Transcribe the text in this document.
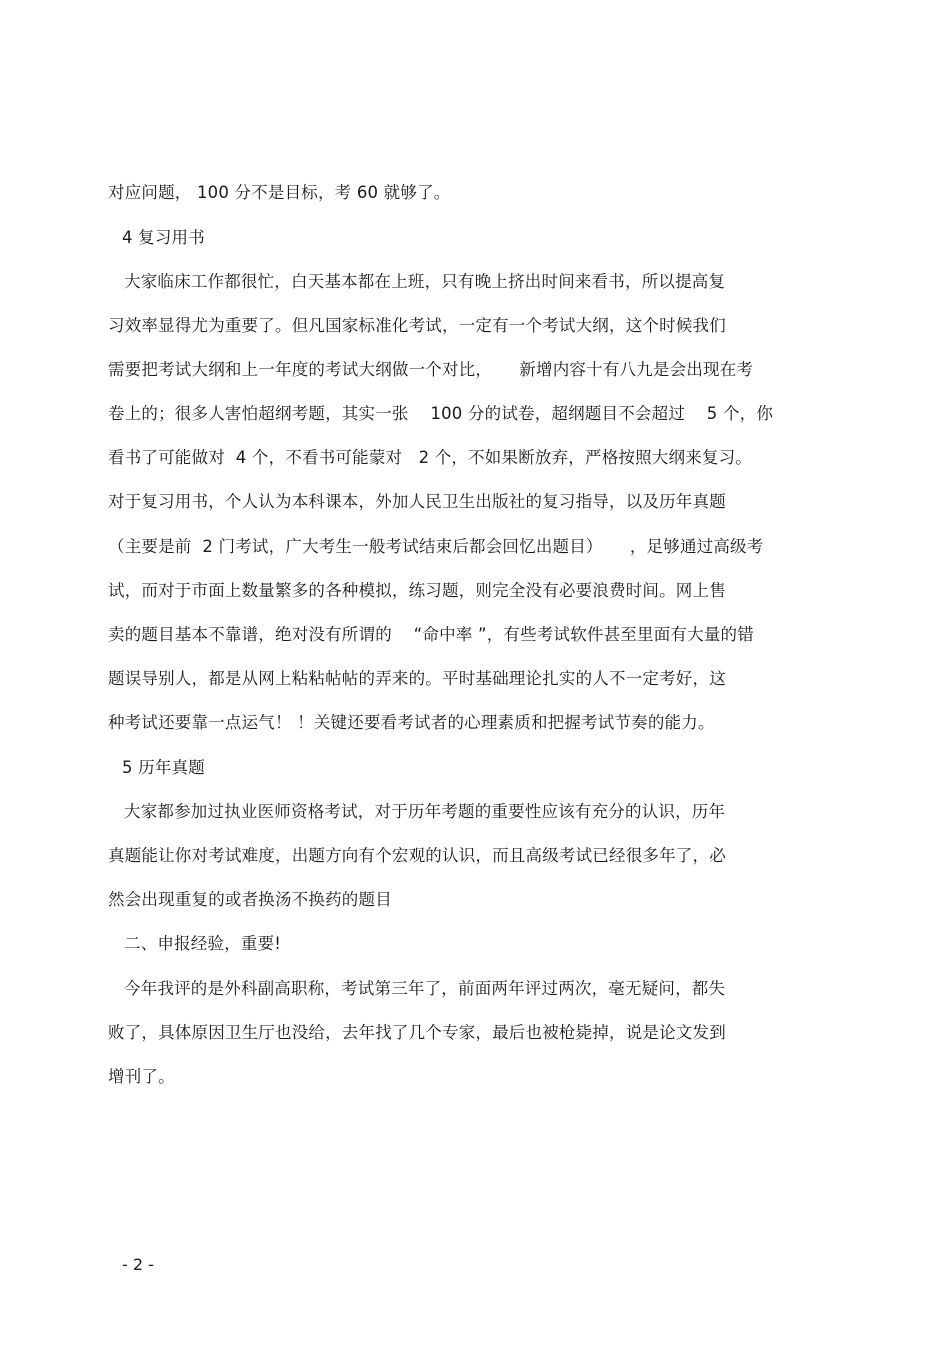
对应问题， 100 分不是目标，考 60 就够了。
4 复习用书
大家临床工作都很忙，白天基本都在上班，只有晚上挤出时间来看书，所以提高复
习效率显得尤为重要了。但凡国家标准化考试，一定有一个考试大纲，这个时候我们
需要把考试大纲和上一年度的考试大纲做一个对比，     新增内容十有八九是会出现在考
卷上的；很多人害怕超纲考题，其实一张    100 分的试卷，超纲题目不会超过    5 个，你
看书了可能做对  4 个，不看书可能蒙对   2 个，不如果断放弃，严格按照大纲来复习。
对于复习用书，个人认为本科课本，外加人民卫生出版社的复习指导，以及历年真题
（主要是前  2 门考试，广大考生一般考试结束后都会回忆出题目）     ，足够通过高级考
试，而对于市面上数量繁多的各种模拟，练习题，则完全没有必要浪费时间。网上售
卖的题目基本不靠谱，绝对没有所谓的    “命中率 ”，有些考试软件甚至里面有大量的错
题误导别人，都是从网上粘粘帖帖的弄来的。平时基础理论扎实的人不一定考好，这
种考试还要靠一点运气！ ！关键还要看考试者的心理素质和把握考试节奏的能力。
5 历年真题
大家都参加过执业医师资格考试，对于历年考题的重要性应该有充分的认识，历年
真题能让你对考试难度，出题方向有个宏观的认识，而且高级考试已经很多年了，必
然会出现重复的或者换汤不换药的题目
二、申报经验，重要!
今年我评的是外科副高职称，考试第三年了，前面两年评过两次，毫无疑问，都失
败了，具体原因卫生厅也没给，去年找了几个专家，最后也被枪毙掉，说是论文发到
增刊了。
- 2 -
